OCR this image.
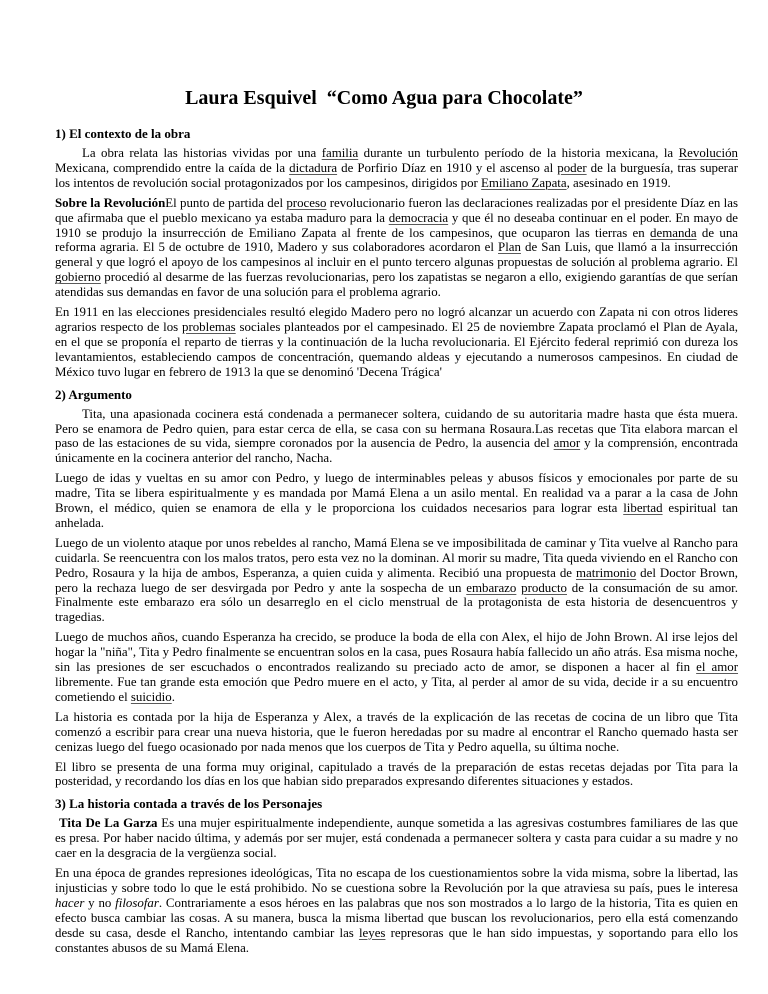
Laura Esquivel  “Como Agua para Chocolate”
1) El contexto de la obra

La obra relata las historias vividas por una familia durante un turbulento período de la historia mexicana, la Revolución Mexicana, comprendido entre la caída de la dictadura de Porfirio Díaz en 1910 y el ascenso al poder de la burguesía, tras superar los intentos de revolución social protagonizados por los campesinos, dirigidos por Emiliano Zapata, asesinado en 1919.

Sobre la RevoluciónEl punto de partida del proceso revolucionario fueron las declaraciones realizadas por el presidente Díaz en las que afirmaba que el pueblo mexicano ya estaba maduro para la democracia y que él no deseaba continuar en el poder. En mayo de 1910 se produjo la insurrección de Emiliano Zapata al frente de los campesinos, que ocuparon las tierras en demanda de una reforma agraria. El 5 de octubre de 1910, Madero y sus colaboradores acordaron el Plan de San Luis, que llamó a la insurrección general y que logró el apoyo de los campesinos al incluir en el punto tercero algunas propuestas de solución al problema agrario. El gobierno procedió al desarme de las fuerzas revolucionarias, pero los zapatistas se negaron a ello, exigiendo garantías de que serían atendidas sus demandas en favor de una solución para el problema agrario.

En 1911 en las elecciones presidenciales resultó elegido Madero pero no logró alcanzar un acuerdo con Zapata ni con otros lideres agrarios respecto de los problemas sociales planteados por el campesinado. El 25 de noviembre Zapata proclamó el Plan de Ayala, en el que se proponía el reparto de tierras y la continuación de la lucha revolucionaria. El Ejército federal reprimió con dureza los levantamientos, estableciendo campos de concentración, quemando aldeas y ejecutando a numerosos campesinos. En ciudad de México tuvo lugar en febrero de 1913 la que se denominó 'Decena Trágica'

2) Argumento

Tita, una apasionada cocinera está condenada a permanecer soltera, cuidando de su autoritaria madre hasta que ésta muera. Pero se enamora de Pedro quien, para estar cerca de ella, se casa con su hermana Rosaura.Las recetas que Tita elabora marcan el paso de las estaciones de su vida, siempre coronados por la ausencia de Pedro, la ausencia del amor y la comprensión, encontrada únicamente en la cocinera anterior del rancho, Nacha.

Luego de idas y vueltas en su amor con Pedro, y luego de interminables peleas y abusos físicos y emocionales por parte de su madre, Tita se libera espiritualmente y es mandada por Mamá Elena a un asilo mental. En realidad va a parar a la casa de John Brown, el médico, quien se enamora de ella y le proporciona los cuidados necesarios para lograr esta libertad espiritual tan anhelada.

Luego de un violento ataque por unos rebeldes al rancho, Mamá Elena se ve imposibilitada de caminar y Tita vuelve al Rancho para cuidarla. Se reencuentra con los malos tratos, pero esta vez no la dominan. Al morir su madre, Tita queda viviendo en el Rancho con Pedro, Rosaura y la hija de ambos, Esperanza, a quien cuida y alimenta. Recibió una propuesta de matrimonio del Doctor Brown, pero la rechaza luego de ser desvirgada por Pedro y ante la sospecha de un embarazo producto de la consumación de su amor. Finalmente este embarazo era sólo un desarreglo en el ciclo menstrual de la protagonista de esta historia de desencuentros y tragedias.

Luego de muchos años, cuando Esperanza ha crecido, se produce la boda de ella con Alex, el hijo de John Brown. Al irse lejos del hogar la "niña", Tita y Pedro finalmente se encuentran solos en la casa, pues Rosaura había fallecido un año atrás. Esa misma noche, sin las presiones de ser escuchados o encontrados realizando su preciado acto de amor, se disponen a hacer al fin el amor libremente. Fue tan grande esta emoción que Pedro muere en el acto, y Tita, al perder al amor de su vida, decide ir a su encuentro cometiendo el suicidio.

La historia es contada por la hija de Esperanza y Alex, a través de la explicación de las recetas de cocina de un libro que Tita comenzó a escribir para crear una nueva historia, que le fueron heredadas por su madre al encontrar el Rancho quemado hasta ser cenizas luego del fuego ocasionado por nada menos que los cuerpos de Tita y Pedro aquella, su última noche.

El libro se presenta de una forma muy original, capitulado a través de la preparación de estas recetas dejadas por Tita para la posteridad, y recordando los días en los que habian sido preparados expresando diferentes situaciones y estados.

3) La historia contada a través de los Personajes

Tita De La Garza Es una mujer espiritualmente independiente, aunque sometida a las agresivas costumbres familiares de las que es presa. Por haber nacido última, y además por ser mujer, está condenada a permanecer soltera y casta para cuidar a su madre y no caer en la desgracia de la vergüenza social.

En una época de grandes represiones ideológicas, Tita no escapa de los cuestionamientos sobre la vida misma, sobre la libertad, las injusticias y sobre todo lo que le está prohibido. No se cuestiona sobre la Revolución por la que atraviesa su país, pues le interesa hacer y no filosofar. Contrariamente a esos héroes en las palabras que nos son mostrados a lo largo de la historia, Tita es quien en efecto busca cambiar las cosas. A su manera, busca la misma libertad que buscan los revolucionarios, pero ella está comenzando desde su casa, desde el Rancho, intentando cambiar las leyes represoras que le han sido impuestas, y soportando para ello los constantes abusos de su Mamá Elena.
